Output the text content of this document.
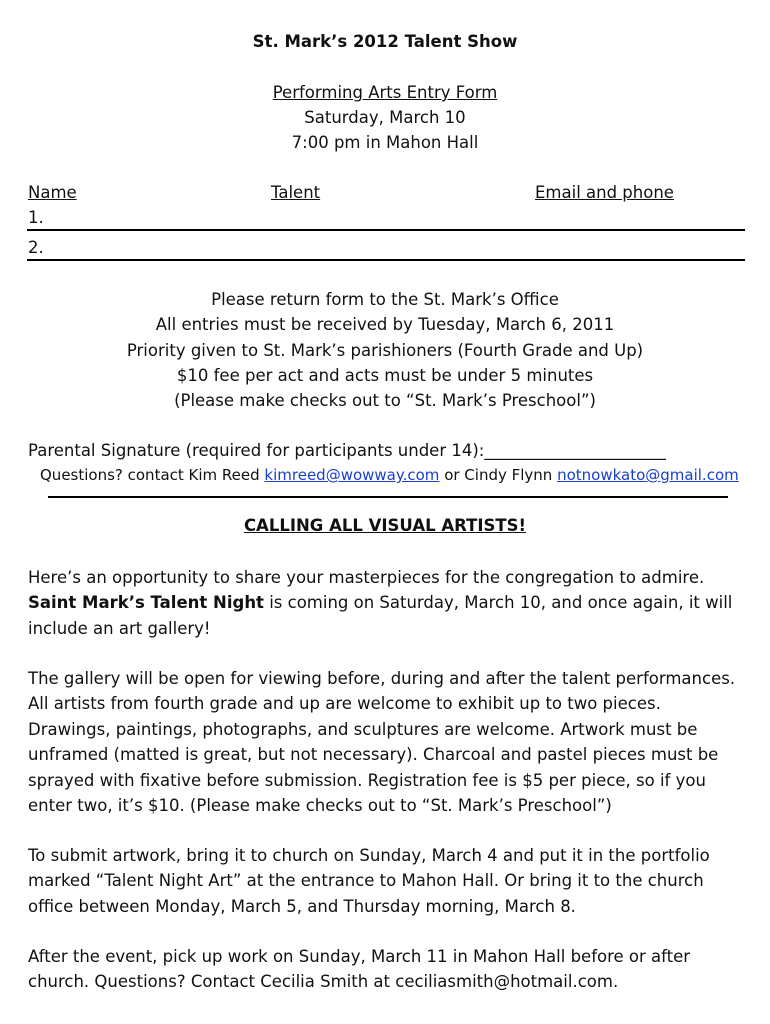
St. Mark’s 2012 Talent Show
Performing Arts Entry Form
Saturday, March 10
7:00 pm in Mahon Hall
Name	Talent	Email and phone
1.
2.
Please return form to the St. Mark’s Office
All entries must be received by Tuesday, March 6, 2011
Priority given to St. Mark’s parishioners (Fourth Grade and Up)
$10 fee per act and acts must be under 5 minutes
(Please make checks out to “St. Mark’s Preschool”)
Parental Signature (required for participants under 14):______________________
Questions? contact Kim Reed kimreed@wowway.com or Cindy Flynn notnowkato@gmail.com
CALLING ALL VISUAL ARTISTS!
Here’s an opportunity to share your masterpieces for the congregation to admire.
Saint Mark’s Talent Night is coming on Saturday, March 10, and once again, it will
include an art gallery!
The gallery will be open for viewing before, during and after the talent performances.
All artists from fourth grade and up are welcome to exhibit up to two pieces.
Drawings, paintings, photographs, and sculptures are welcome. Artwork must be
unframed (matted is great, but not necessary). Charcoal and pastel pieces must be
sprayed with fixative before submission. Registration fee is $5 per piece, so if you
enter two, it’s $10. (Please make checks out to “St. Mark’s Preschool”)
To submit artwork, bring it to church on Sunday, March 4 and put it in the portfolio
marked “Talent Night Art” at the entrance to Mahon Hall. Or bring it to the church
office between Monday, March 5, and Thursday morning, March 8.
After the event, pick up work on Sunday, March 11 in Mahon Hall before or after
church. Questions? Contact Cecilia Smith at ceciliasmith@hotmail.com.
